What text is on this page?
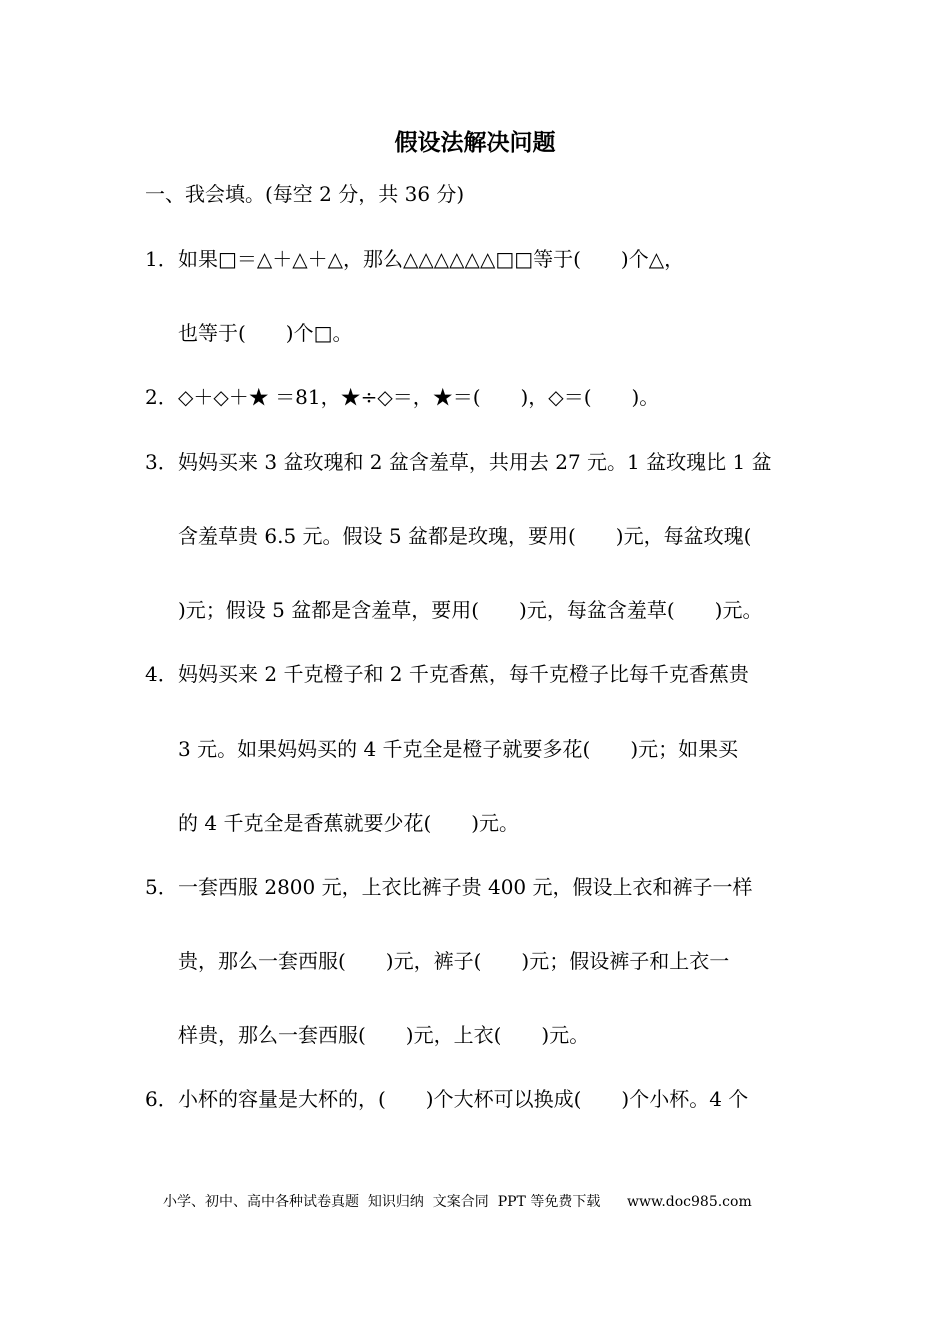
假设法解决问题
一、我会填。(每空 2 分，共 36 分)
1． 如果□＝△＋△＋△，那么△△△△△△□□等于(　　)个△，
也等于(　　)个□。
2． ◇＋◇＋★ ＝81，★÷◇＝，★＝(　　)，◇＝(　　)。
3． 妈妈买来 3 盆玫瑰和 2 盆含羞草，共用去 27 元。1 盆玫瑰比 1 盆
含羞草贵 6.5 元。假设 5 盆都是玫瑰，要用(　　)元，每盆玫瑰(
)元；假设 5 盆都是含羞草，要用(　　)元，每盆含羞草(　　)元。
4． 妈妈买来 2 千克橙子和 2 千克香蕉，每千克橙子比每千克香蕉贵
3 元。如果妈妈买的 4 千克全是橙子就要多花(　　)元；如果买
的 4 千克全是香蕉就要少花(　　)元。
5． 一套西服 2800 元，上衣比裤子贵 400 元，假设上衣和裤子一样
贵，那么一套西服(　　)元，裤子(　　)元；假设裤子和上衣一
样贵，那么一套西服(　　)元，上衣(　　)元。
6． 小杯的容量是大杯的，(　　)个大杯可以换成(　　)个小杯。4 个
小学、初中、高中各种试卷真题  知识归纳  文案合同  PPT 等免费下载      www.doc985.com
